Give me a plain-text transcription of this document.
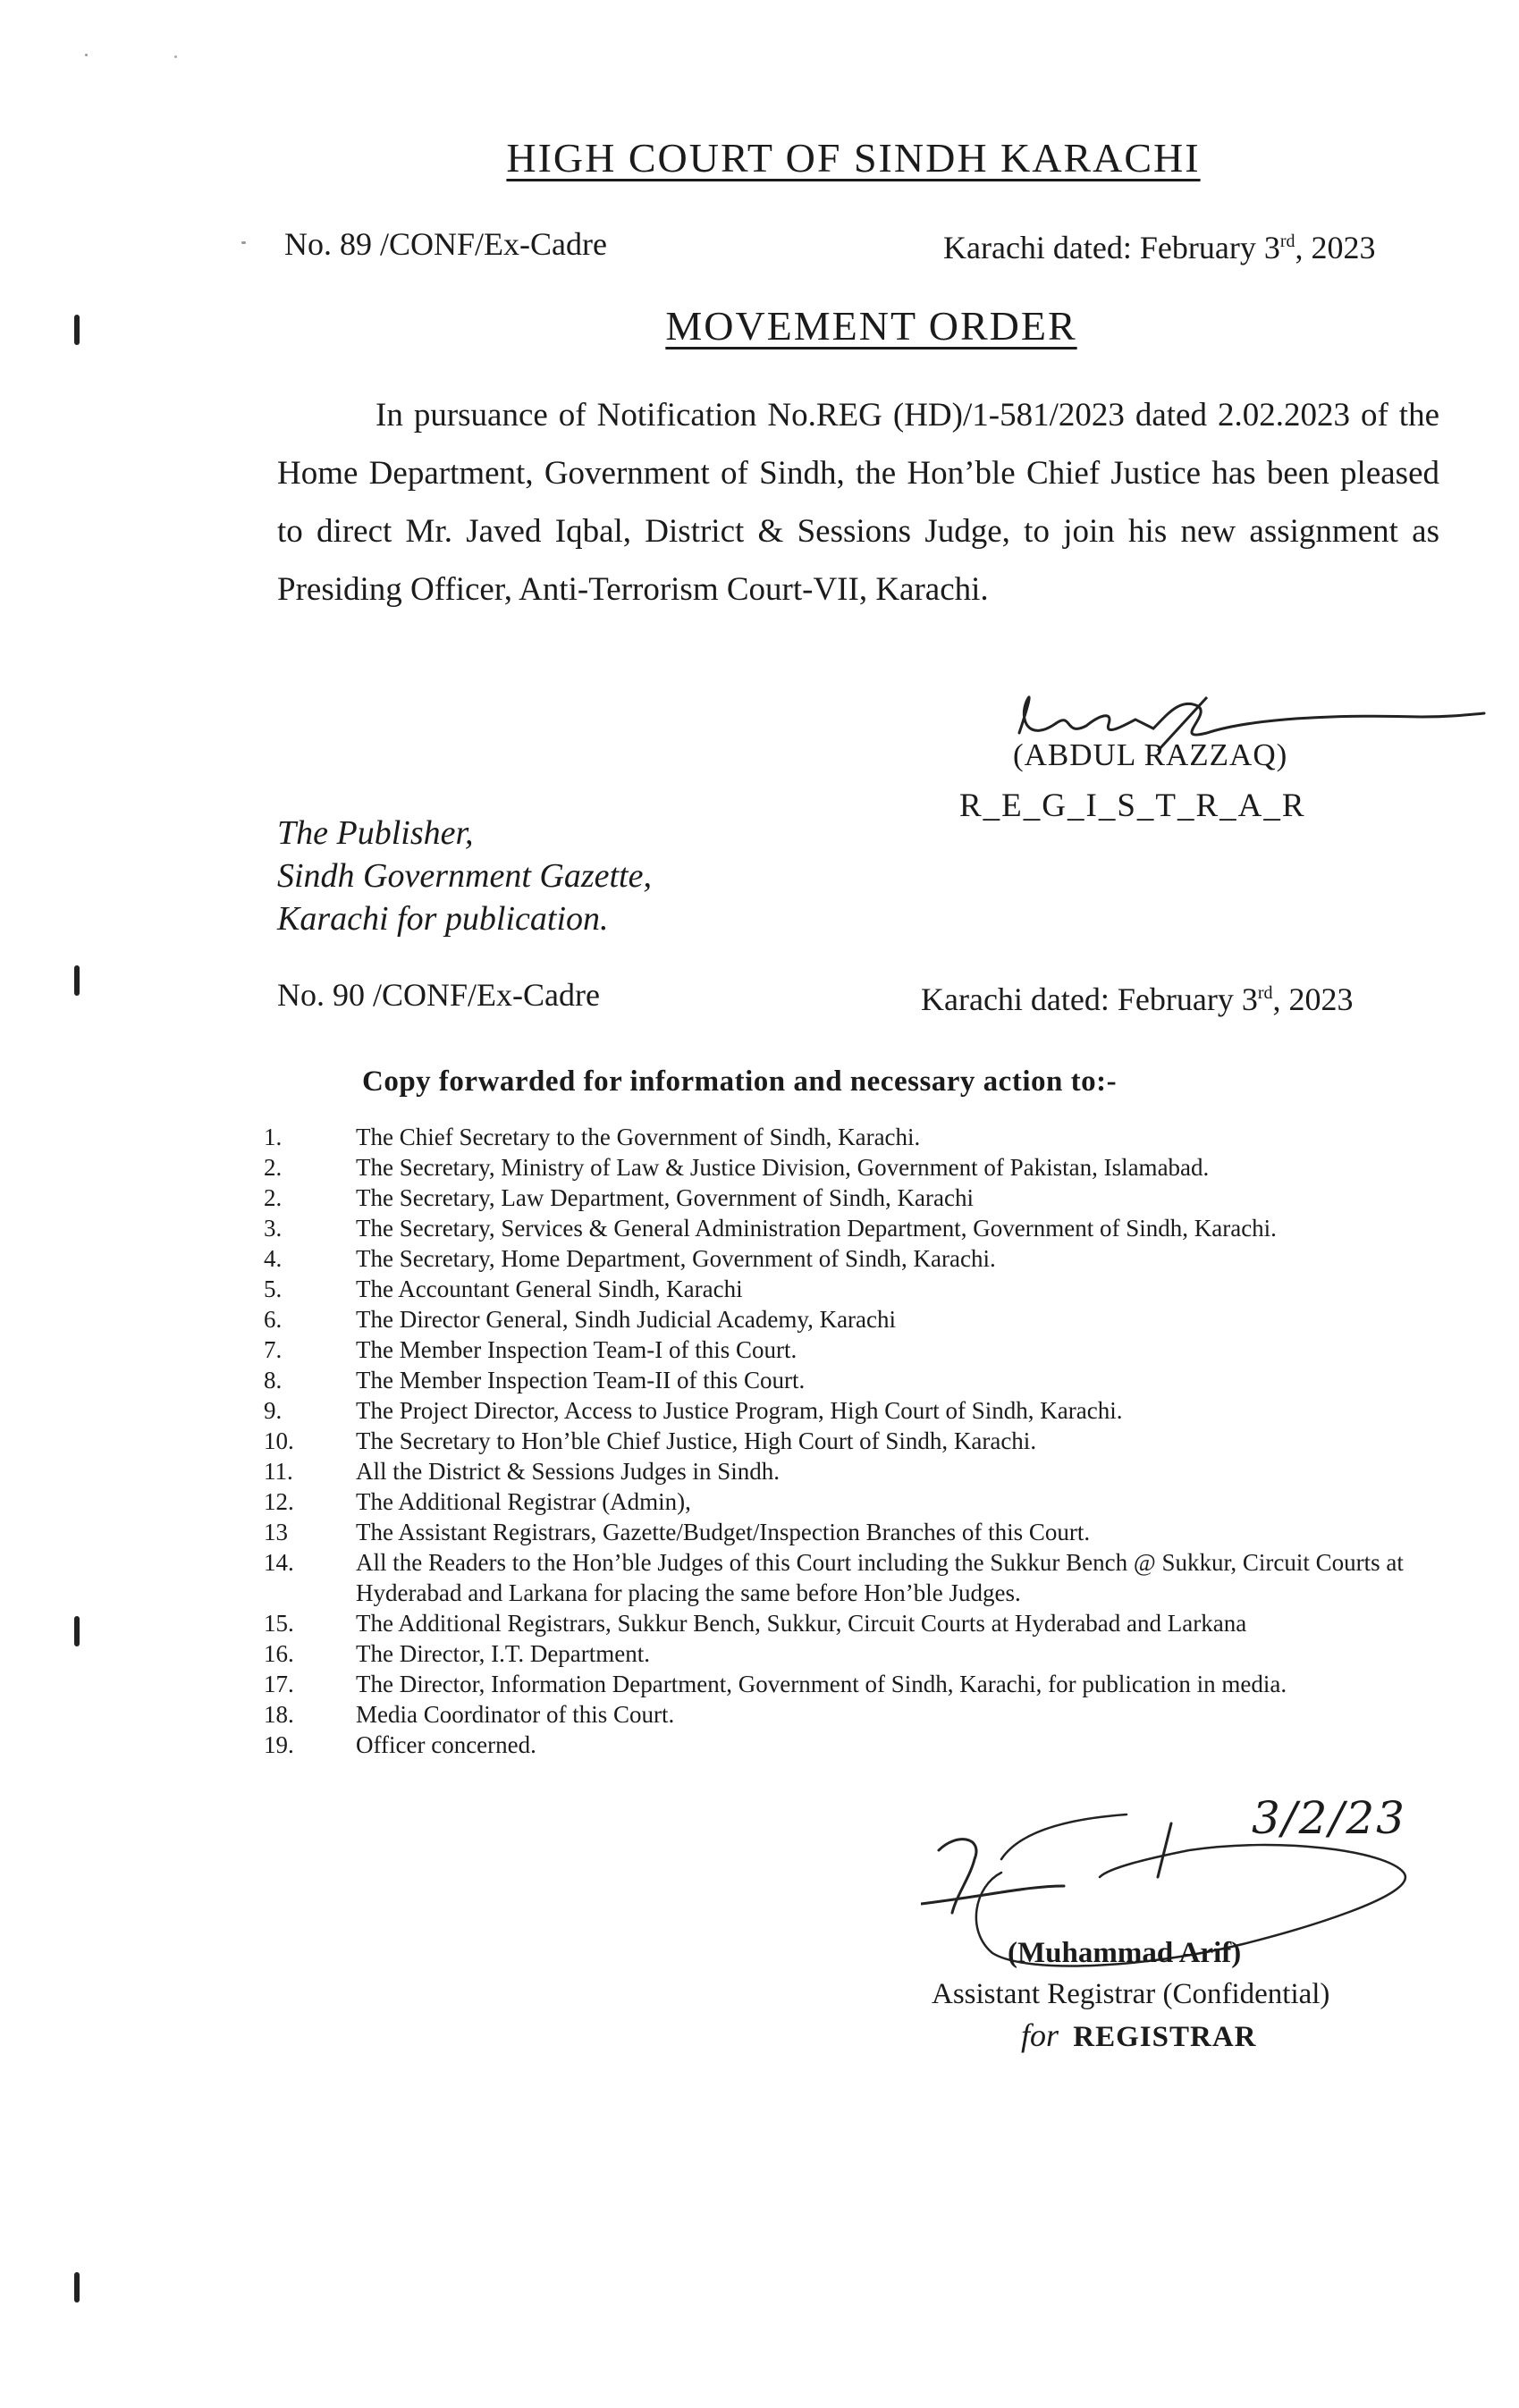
HIGH COURT OF SINDH KARACHI
No. 89 /CONF/Ex-Cadre	Karachi dated: February 3rd, 2023
MOVEMENT ORDER
In pursuance of Notification No.REG (HD)/1-581/2023 dated 2.02.2023 of the Home Department, Government of Sindh, the Hon’ble Chief Justice has been pleased to direct Mr. Javed Iqbal, District & Sessions Judge, to join his new assignment as Presiding Officer, Anti-Terrorism Court-VII, Karachi.
(ABDUL RAZZAQ)
R_E_G_I_S_T_R_A_R
The Publisher,
Sindh Government Gazette,
Karachi for publication.
No. 90 /CONF/Ex-Cadre	Karachi dated: February 3rd, 2023
Copy forwarded for information and necessary action to:-
1.	The Chief Secretary to the Government of Sindh, Karachi.
2.	The Secretary, Ministry of Law & Justice Division, Government of Pakistan, Islamabad.
2.	The Secretary, Law Department, Government of Sindh, Karachi
3.	The Secretary, Services & General Administration Department, Government of Sindh, Karachi.
4.	The Secretary, Home Department, Government of Sindh, Karachi.
5.	The Accountant General Sindh, Karachi
6.	The Director General, Sindh Judicial Academy, Karachi
7.	The Member Inspection Team-I of this Court.
8.	The Member Inspection Team-II of this Court.
9.	The Project Director, Access to Justice Program, High Court of Sindh, Karachi.
10.	The Secretary to Hon’ble Chief Justice, High Court of Sindh, Karachi.
11.	All the District & Sessions Judges in Sindh.
12.	The Additional Registrar (Admin),
13	The Assistant Registrars, Gazette/Budget/Inspection Branches of this Court.
14.	All the Readers to the Hon’ble Judges of this Court including the Sukkur Bench @ Sukkur, Circuit Courts at Hyderabad and Larkana for placing the same before Hon’ble Judges.
15.	The Additional Registrars, Sukkur Bench, Sukkur, Circuit Courts at Hyderabad and Larkana
16.	The Director, I.T. Department.
17.	The Director, Information Department, Government of Sindh, Karachi, for publication in media.
18.	Media Coordinator of this Court.
19.	Officer concerned.
3/2/23
(Muhammad Arif)
Assistant Registrar (Confidential)
for REGISTRAR
